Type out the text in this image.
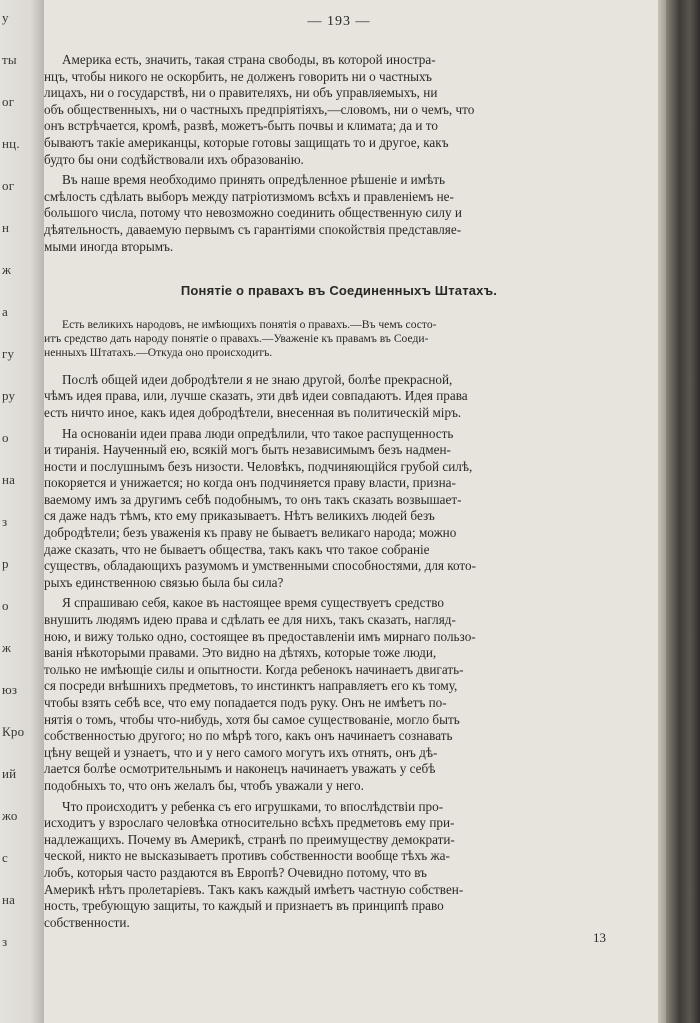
у
ты
ог
нц.
ог
н
ж
а
гу
ру
о
на
з
р
о
ж
юз
Кро
ий
жо
с
на
з
— 193 —

Америка есть, значить, такая страна свободы, въ которой иностра-
нцъ, чтобы никого не оскорбить, не долженъ говорить ни о частныхъ
лицахъ, ни о государствѣ, ни о правителяхъ, ни объ управляемыхъ, ни
объ общественныхъ, ни о частныхъ предпріятіяхъ,—словомъ, ни о чемъ, что
онъ встрѣчается, кромѣ, развѣ, можетъ-быть почвы и климата; да и то
бываютъ такіе американцы, которые готовы защищать то и другое, какъ
будто бы они содѣйствовали ихъ образованію.

Въ наше время необходимо принять опредѣленное рѣшеніе и имѣть
смѣлость сдѣлать выборъ между патріотизмомъ всѣхъ и правленіемъ не-
большого числа, потому что невозможно соединить общественную силу и
дѣятельность, даваемую первымъ съ гарантіями спокойствія представляе-
мыми иногда вторымъ.

Понятіе о правахъ въ Соединенныхъ Штатахъ.

Есть великихъ народовъ, не имѣющихъ понятія о правахъ.—Въ чемъ состо-
итъ средство дать народу понятіе о правахъ.—Уваженіе къ правамъ въ Соеди-
ненныхъ Штатахъ.—Откуда оно происходитъ.

Послѣ общей идеи добродѣтели я не знаю другой, болѣе прекрасной,
чѣмъ идея права, или, лучше сказать, эти двѣ идеи совпадаютъ. Идея права
есть ничто иное, какъ идея добродѣтели, внесенная въ политическій міръ.

На основаніи идеи права люди опредѣлили, что такое распущенность
и тиранія. Наученный ею, всякій могъ быть независимымъ безъ надмен-
ности и послушнымъ безъ низости. Человѣкъ, подчиняющійся грубой силѣ,
покоряется и унижается; но когда онъ подчиняется праву власти, призна-
ваемому имъ за другимъ себѣ подобнымъ, то онъ такъ сказать возвышает-
ся даже надъ тѣмъ, кто ему приказываетъ. Нѣтъ великихъ людей безъ
добродѣтели; безъ уваженія къ праву не бываетъ великаго народа; можно
даже сказать, что не бываетъ общества, такъ какъ что такое собраніе
существъ, обладающихъ разумомъ и умственными способностями, для кото-
рыхъ единственною связью была бы сила?

Я спрашиваю себя, какое въ настоящее время существуетъ средство
внушить людямъ идею права и сдѣлать ее для нихъ, такъ сказать, нагляд-
ною, и вижу только одно, состоящее въ предоставленіи имъ мирнаго пользо-
ванія нѣкоторыми правами. Это видно на дѣтяхъ, которые тоже люди,
только не имѣющіе силы и опытности. Когда ребенокъ начинаетъ двигать-
ся посреди внѣшнихъ предметовъ, то инстинктъ направляетъ его къ тому,
чтобы взять себѣ все, что ему попадается подъ руку. Онъ не имѣетъ по-
нятія о томъ, чтобы что-нибудь, хотя бы самое существованіе, могло быть
собственностью другого; но по мѣрѣ того, какъ онъ начинаетъ сознавать
цѣну вещей и узнаетъ, что и у него самого могутъ ихъ отнять, онъ дѣ-
лается болѣе осмотрительнымъ и наконецъ начинаетъ уважать у себѣ
подобныхъ то, что онъ желалъ бы, чтобъ уважали у него.

Что происходитъ у ребенка съ его игрушками, то впослѣдствіи про-
исходитъ у взрослаго человѣка относительно всѣхъ предметовъ ему при-
надлежащихъ. Почему въ Америкѣ, странѣ по преимуществу демократи-
ческой, никто не высказываетъ противъ собственности вообще тѣхъ жа-
лобъ, которыя часто раздаются въ Европѣ? Очевидно потому, что въ
Америкѣ нѣтъ пролетаріевъ. Такъ какъ каждый имѣетъ частную собствен-
ность, требующую защиты, то каждый и признаетъ въ принципѣ право
собственности.

13
